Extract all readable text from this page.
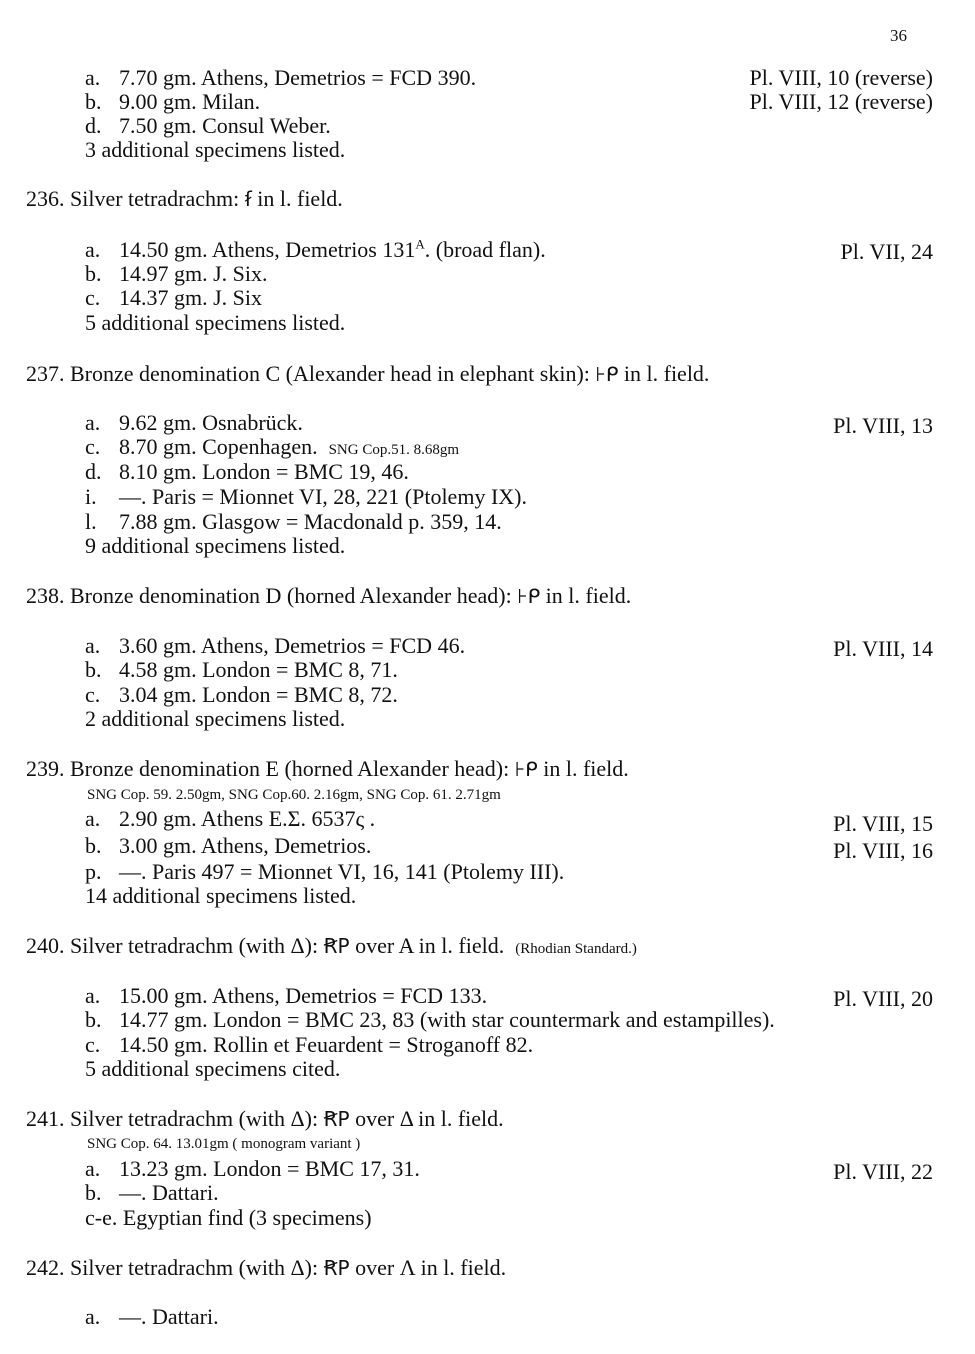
36
a. 7.70 gm. Athens, Demetrios = FCD 390.	Pl. VIII, 10 (reverse)
b. 9.00 gm. Milan.	Pl. VIII, 12 (reverse)
d. 7.50 gm. Consul Weber.
3 additional specimens listed.
236. Silver tetradrachm: ẜ in l. field.
a. 14.50 gm. Athens, Demetrios $131^A$. (broad flan).	Pl. VII, 24
b. 14.97 gm. J. Six.
c. 14.37 gm. J. Six
5 additional specimens listed.
237. Bronze denomination C (Alexander head in elephant skin): ⊦ᑭ in l. field.
a. 9.62 gm. Osnabrück.	Pl. VIII, 13
c. 8.70 gm. Copenhagen. SNG Cop.51. 8.68gm
d. 8.10 gm. London = BMC 19, 46.
i. —. Paris = Mionnet VI, 28, 221 (Ptolemy IX).
l. 7.88 gm. Glasgow = Macdonald p. 359, 14.
9 additional specimens listed.
238. Bronze denomination D (horned Alexander head): ⊦ᑭ in l. field.
a. 3.60 gm. Athens, Demetrios = FCD 46.	Pl. VIII, 14
b. 4.58 gm. London = BMC 8, 71.
c. 3.04 gm. London = BMC 8, 72.
2 additional specimens listed.
239. Bronze denomination E (horned Alexander head): ⊦ᑭ in l. field.
SNG Cop. 59. 2.50gm, SNG Cop.60. 2.16gm, SNG Cop. 61. 2.71gm
a. 2.90 gm. Athens E.Σ. 6537ς .	Pl. VIII, 15
b. 3.00 gm. Athens, Demetrios.	Pl. VIII, 16
p. —. Paris 497 = Mionnet VI, 16, 141 (Ptolemy III).
14 additional specimens listed.
240. Silver tetradrachm (with Δ): ꞦP over A in l. field. (Rhodian Standard.)
a. 15.00 gm. Athens, Demetrios = FCD 133.	Pl. VIII, 20
b. 14.77 gm. London = BMC 23, 83 (with star countermark and estampilles).
c. 14.50 gm. Rollin et Feuardent = Stroganoff 82.
5 additional specimens cited.
241. Silver tetradrachm (with Δ): ꞦP over Δ in l. field.
SNG Cop. 64. 13.01gm ( monogram variant )
a. 13.23 gm. London = BMC 17, 31.	Pl. VIII, 22
b. —. Dattari.
c-e. Egyptian find (3 specimens)
242. Silver tetradrachm (with Δ): ꞦP over Λ in l. field.
a. —. Dattari.
